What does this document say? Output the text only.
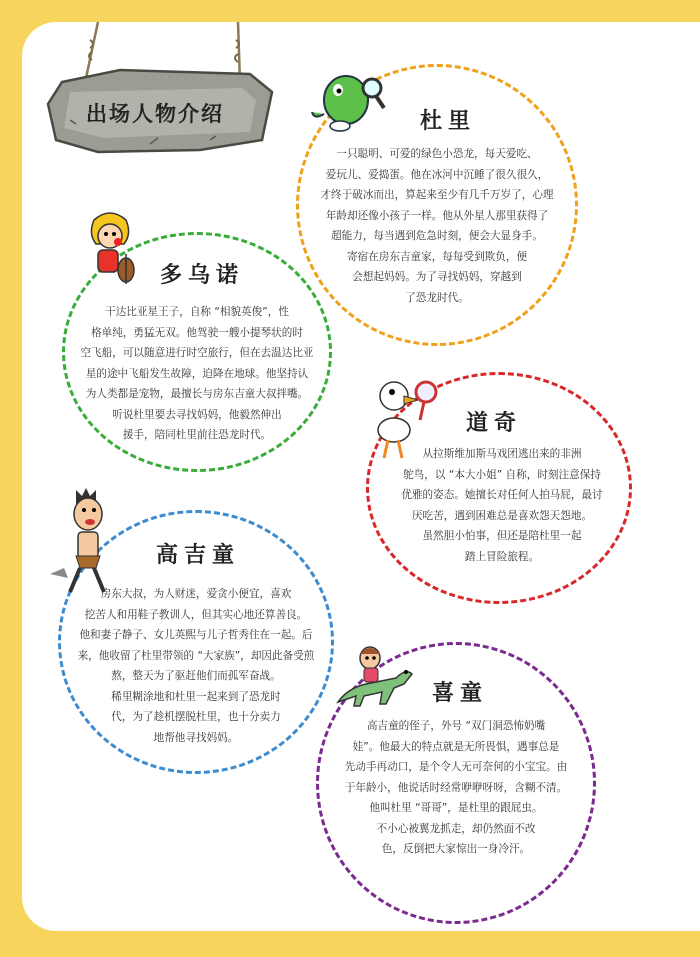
出场人物介绍	杜里
一只聪明、可爱的绿色小恐龙，每天爱吃、
爱玩儿、爱捣蛋。他在冰河中沉睡了很久很久，
才终于破冰而出，算起来至少有几千万岁了，心理
年龄却还像小孩子一样。他从外星人那里获得了
超能力，每当遇到危急时刻，便会大显身手。
寄宿在房东吉童家，每每受到欺负，便
会想起妈妈。为了寻找妈妈，穿越到
了恐龙时代。
多乌诺
干达比亚星王子，自称 “相貌英俊”，性
格单纯，勇猛无双。他驾驶一艘小提琴状的时
空飞船，可以随意进行时空旅行，但在去温达比亚
星的途中飞船发生故障，迫降在地球。他坚持认
为人类都是宠物，最擅长与房东吉童大叔拌嘴。
听说杜里要去寻找妈妈，他毅然伸出
援手，陪同杜里前往恐龙时代。	道奇
从拉斯维加斯马戏团逃出来的非洲
鸵鸟，以 “本大小姐” 自称，时刻注意保持
优雅的姿态。她擅长对任何人拍马屁，最讨
厌吃苦，遇到困难总是喜欢怨天怨地。
虽然胆小怕事，但还是陪杜里一起
踏上冒险旅程。
高吉童
房东大叔，为人财迷，爱贪小便宜，喜欢
挖苦人和用鞋子教训人，但其实心地还算善良。
他和妻子静子、女儿英熙与儿子哲秀住在一起。后
来，他收留了杜里带领的 “大家族”，却因此备受煎
熬，整天为了驱赶他们而孤军奋战。
稀里糊涂地和杜里一起来到了恐龙时
代，为了趁机摆脱杜里，也十分卖力
地帮他寻找妈妈。
喜童
高吉童的侄子，外号 “双门洞恐怖奶嘴
娃”。他最大的特点就是无所畏惧，遇事总是
先动手再动口，是个令人无可奈何的小宝宝。由
于年龄小，他说话时经常咿咿呀呀，含糊不清。
他叫杜里 “哥哥”，是杜里的跟屁虫。
不小心被翼龙抓走，却仍然面不改
色，反倒把大家惊出一身冷汗。
